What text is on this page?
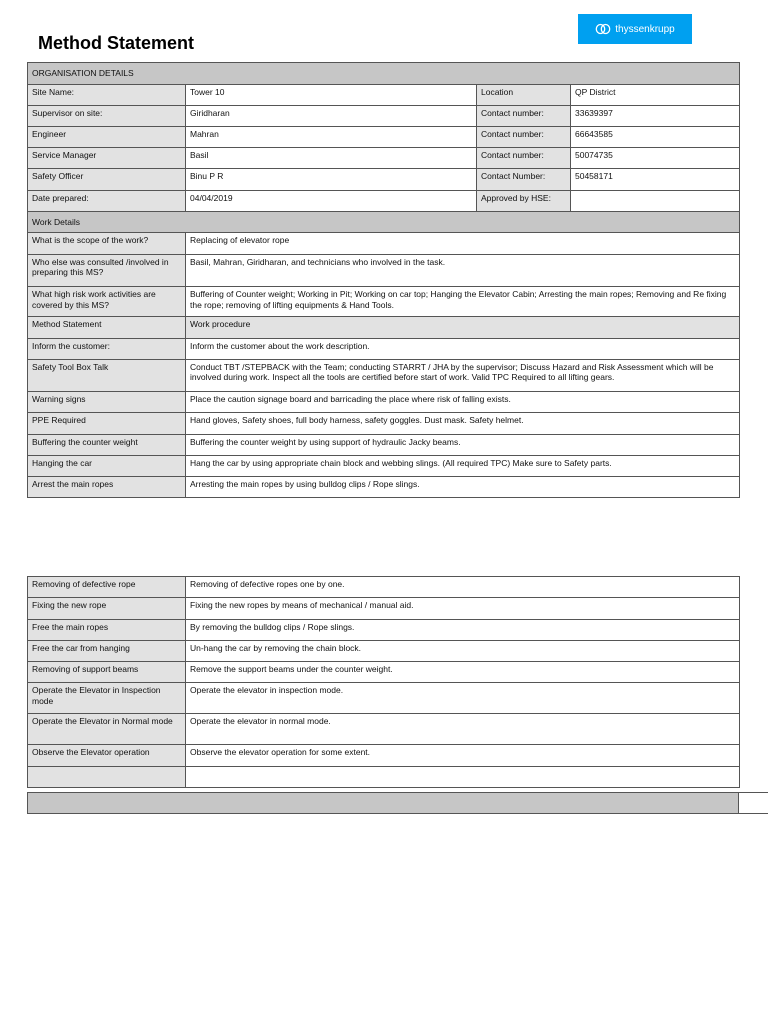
Method Statement
thyssenkrupp
ORGANISATION DETAILS			
Site Name:	Tower 10	Location	QP District
Supervisor on site:	Giridharan	Contact number:	33639397
Engineer	Mahran	Contact number:	66643585
Service Manager	Basil	Contact number:	50074735
Safety Officer	Binu P R	Contact Number:	50458171
Date prepared:	04/04/2019	Approved by HSE:	
Work Details			
What is the scope of the work?	Replacing of elevator rope		
Who else was consulted /involved in preparing this MS?	Basil, Mahran, Giridharan, and technicians who involved in the task.		
What high risk work activities are covered by this MS?	Buffering of Counter weight; Working in Pit; Working on car top; Hanging the Elevator Cabin; Arresting the main ropes; Removing and Re fixing the rope; removing of lifting equipments & Hand Tools.		
Method Statement	Work procedure		
Inform the customer:	Inform the customer about the work description.		
Safety Tool Box Talk	Conduct TBT /STEPBACK with the Team; conducting STARRT / JHA by the supervisor; Discuss Hazard and Risk Assessment which will be involved during work. Inspect all the tools are certified before start of work. Valid TPC Required to all lifting gears.		
Warning signs	Place the caution signage board and barricading the place where risk of falling exists.		
PPE Required	Hand gloves, Safety shoes, full body harness, safety goggles. Dust mask. Safety helmet.		
Buffering the counter weight	Buffering the counter weight by using support of hydraulic Jacky beams.		
Hanging the car	Hang the car by using appropriate chain block and webbing slings. (All required TPC) Make sure to Safety parts.		
Arrest the main ropes	Arresting the main ropes by using bulldog clips / Rope slings.		
Removing of defective rope	Removing of defective ropes one by one.
Fixing the new rope	Fixing the new ropes by means of mechanical / manual aid.
Free the main ropes	By removing the bulldog clips / Rope slings.
Free the car from hanging	Un-hang the car by removing the chain block.
Removing of support beams	Remove the support beams under the counter weight.
Operate the Elevator in Inspection mode	Operate the elevator in inspection mode.
Operate the Elevator in Normal mode	Operate the elevator in normal mode.
Observe the Elevator operation	Observe the elevator operation for some extent.
